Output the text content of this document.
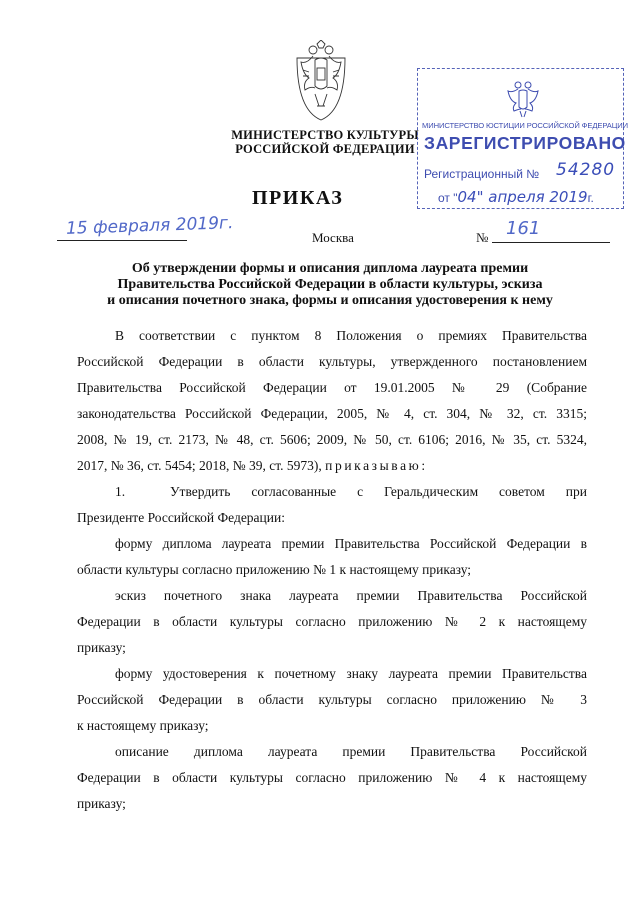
МИНИСТЕРСТВО КУЛЬТУРЫ
РОССИЙСКОЙ ФЕДЕРАЦИИ
МИНИСТЕРСТВО ЮСТИЦИИ РОССИЙСКОЙ ФЕДЕРАЦИИ
ЗАРЕГИСТРИРОВАНО
Регистрационный № 54280
от "04" апреля 2019г.
ПРИКАЗ
15 февраля 2019г.	Москва	№ 161
Об утверждении формы и описания диплома лауреата премии
Правительства Российской Федерации в области культуры, эскиза
и описания почетного знака, формы и описания удостоверения к нему
В соответствии с пунктом 8 Положения о премиях Правительства
Российской Федерации в области культуры, утвержденного постановлением
Правительства Российской Федерации от 19.01.2005 № 29 (Собрание
законодательства Российской Федерации, 2005, № 4, ст. 304, № 32, ст. 3315;
2008, № 19, ст. 2173, № 48, ст. 5606; 2009, № 50, ст. 6106; 2016, № 35, ст. 5324,
2017, № 36, ст. 5454; 2018, № 39, ст. 5973), приказываю:
1.	Утвердить согласованные с Геральдическим советом при
Президенте Российской Федерации:
форму диплома лауреата премии Правительства Российской Федерации в
области культуры согласно приложению № 1 к настоящему приказу;
эскиз почетного знака лауреата премии Правительства Российской
Федерации в области культуры согласно приложению № 2 к настоящему
приказу;
форму удостоверения к почетному знаку лауреата премии Правительства
Российской Федерации в области культуры согласно приложению № 3
к настоящему приказу;
описание диплома лауреата премии Правительства Российской
Федерации в области культуры согласно приложению № 4 к настоящему
приказу;
